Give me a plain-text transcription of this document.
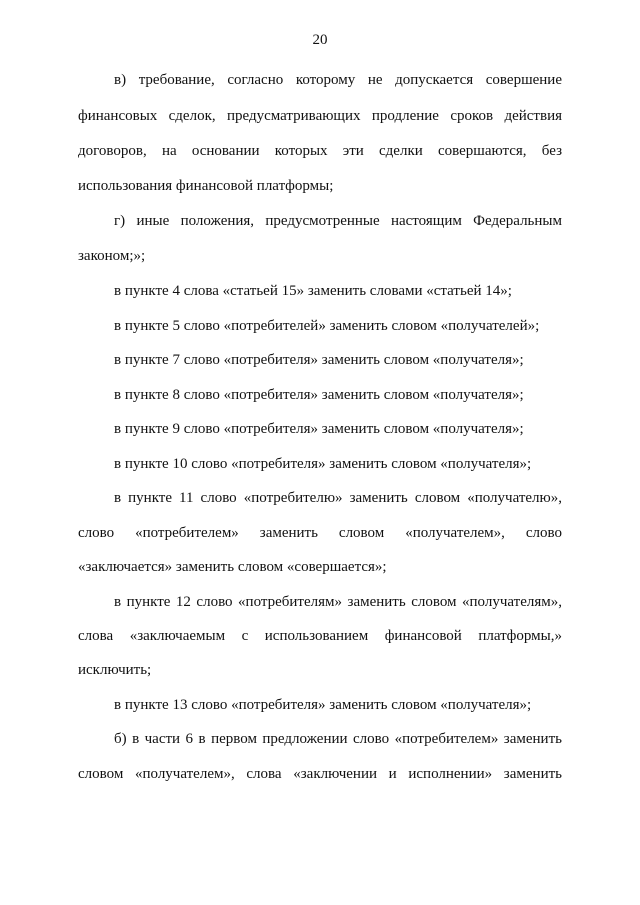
20
в) требование, согласно которому не допускается совершение
финансовых сделок, предусматривающих продление сроков действия
договоров, на основании которых эти сделки совершаются, без
использования финансовой платформы;
г) иные положения, предусмотренные настоящим Федеральным
законом;»;
в пункте 4 слова «статьей 15» заменить словами «статьей 14»;
в пункте 5 слово «потребителей» заменить словом «получателей»;
в пункте 7 слово «потребителя» заменить словом «получателя»;
в пункте 8 слово «потребителя» заменить словом «получателя»;
в пункте 9 слово «потребителя» заменить словом «получателя»;
в пункте 10 слово «потребителя» заменить словом «получателя»;
в пункте 11 слово «потребителю» заменить словом «получателю»,
слово «потребителем» заменить словом «получателем», слово
«заключается» заменить словом «совершается»;
в пункте 12 слово «потребителям» заменить словом «получателям»,
слова «заключаемым с использованием финансовой платформы,»
исключить;
в пункте 13 слово «потребителя» заменить словом «получателя»;
б) в части 6 в первом предложении слово «потребителем» заменить
словом «получателем», слова «заключении и исполнении» заменить
